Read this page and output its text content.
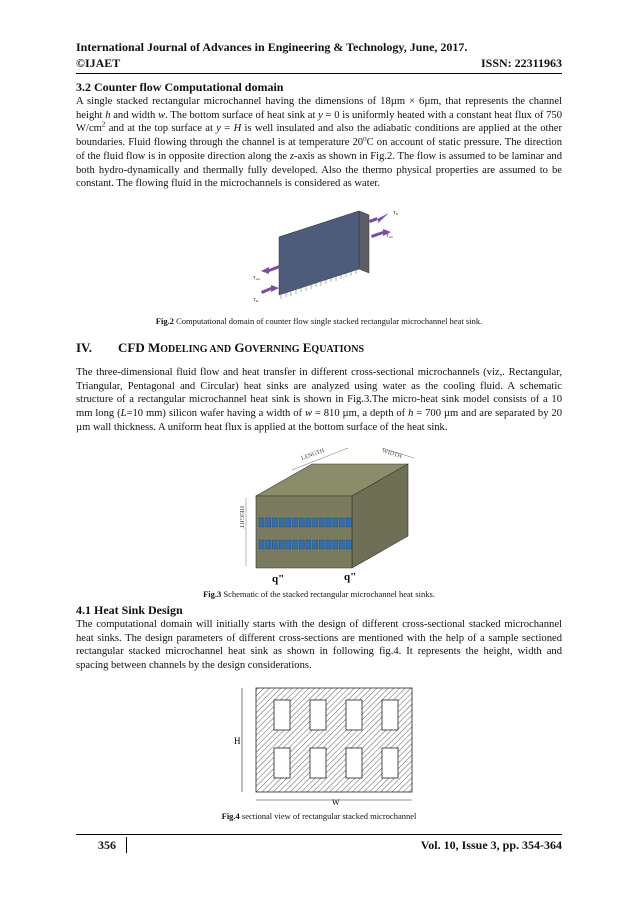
International Journal of Advances in Engineering & Technology, June, 2017.
©IJAET	ISSN: 22311963
3.2 Counter flow Computational domain
A single stacked rectangular microchannel having the dimensions of 18µm × 6µm, that represents the channel height h and width w. The bottom surface of heat sink at y = 0 is uniformly heated with a constant heat flux of 750 $W/cm^2$ and at the top surface at y = H is well insulated and also the adiabatic conditions are applied at the other boundaries. Fluid flowing through the channel is at temperature 20$^o$C on account of static pressure. The direction of the fluid flow is in opposite direction along the z-axis as shown in Fig.2. The flow is assumed to be laminar and both hydro-dynamically and thermally fully developed. Also the thermo physical properties are assumed to be constant. The flowing fluid in the microchannels is considered as water.
$T_{in}$
$T_{out}$
$T_{out}$
$T_{in}$
Fig.2 Computational domain of counter flow single stacked rectangular microchannel heat sink.
IV. CFD MODELING AND GOVERNING EQUATIONS
The three-dimensional fluid flow and heat transfer in different cross-sectional microchannels (viz,. Rectangular, Triangular, Pentagonal and Circular) heat sinks are analyzed using water as the cooling fluid. A schematic structure of a rectangular microchannel heat sink is shown in Fig.3.The micro-heat sink model consists of a 10 mm long (L=10 mm) silicon wafer having a width of w = 810 µm, a depth of h = 700 µm and are separated by 20 µm wall thickness. A uniform heat flux is applied at the bottom surface of the heat sink.
LENGTH	WIDTH
HEIGHT
q"	q"
Fig.3 Schematic of the stacked rectangular microchannel heat sinks.
4.1 Heat Sink Design
The computational domain will initially starts with the design of different cross-sectional stacked microchannel heat sinks. The design parameters of different cross-sections are mentioned with the help of a sample sectioned rectangular stacked microchannel heat sink as shown in following fig.4. It represents the height, width and spacing between channels by the design considerations.
H
W
Fig.4 sectional view of rectangular stacked microchannel
356	Vol. 10, Issue 3, pp. 354-364
